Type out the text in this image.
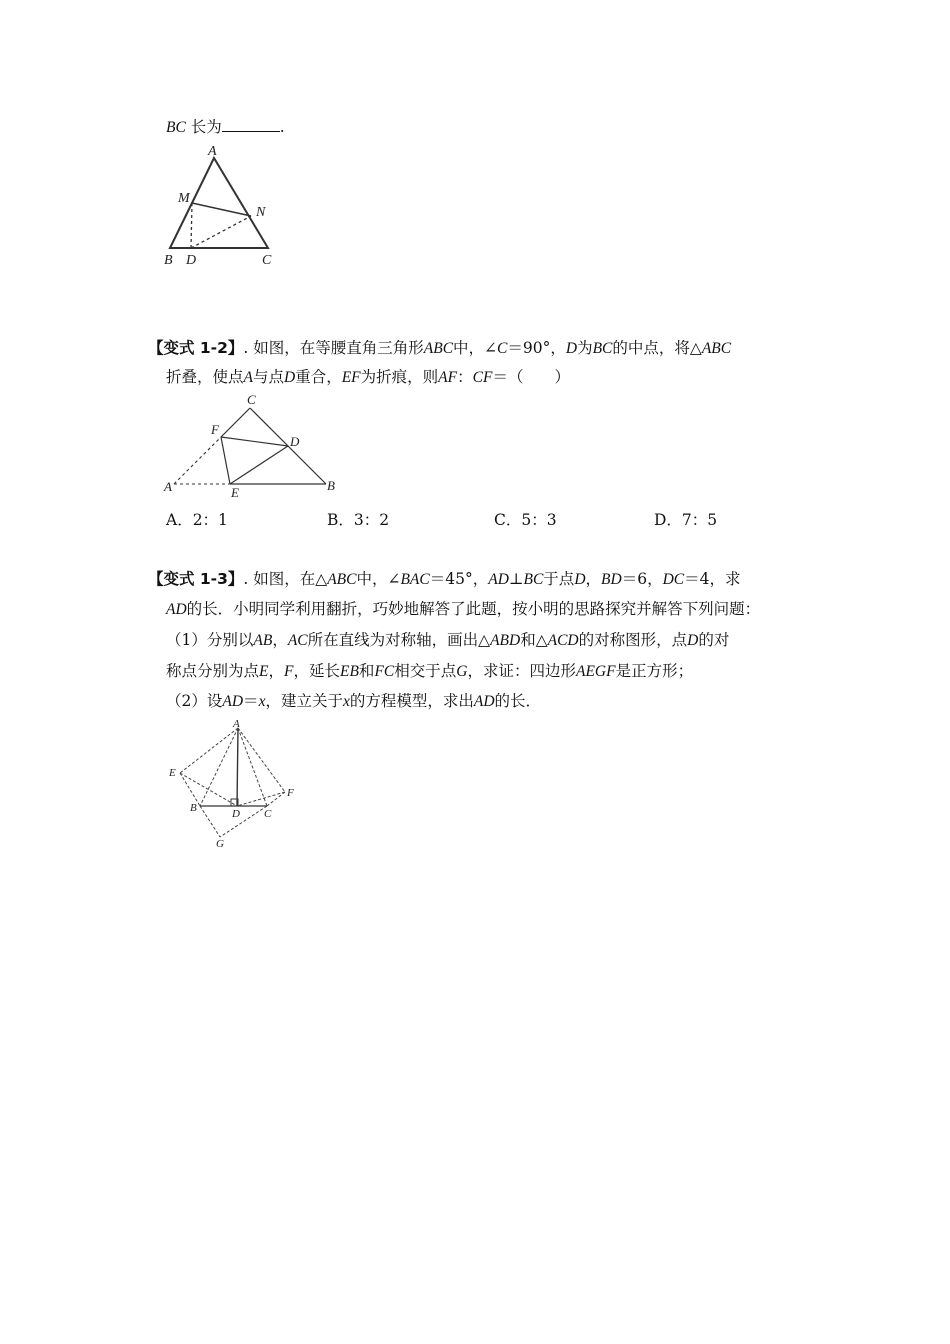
BC 长为	.
A
M
N
B D	C
【变式 1-2】. 如图，在等腰直角三角形ABC中，∠C＝90°，D为BC的中点，将△ABC
折叠，使点A与点D重合，EF为折痕，则AF：CF＝（　　）
C
F
D
A	E	B
A．2：1	B．3：2	C．5：3	D．7：5
【变式 1-3】. 如图，在△ABC中，∠BAC＝45°，AD⊥BC于点D，BD＝6，DC＝4，求
AD的长．小明同学利用翻折，巧妙地解答了此题，按小明的思路探究并解答下列问题：
（1）分别以AB，AC所在直线为对称轴，画出△ABD和△ACD的对称图形，点D的对
称点分别为点E，F，延长EB和FC相交于点G，求证：四边形AEGF是正方形；
（2）设AD＝x，建立关于x的方程模型，求出AD的长．
A
E
B	D C
F
G
